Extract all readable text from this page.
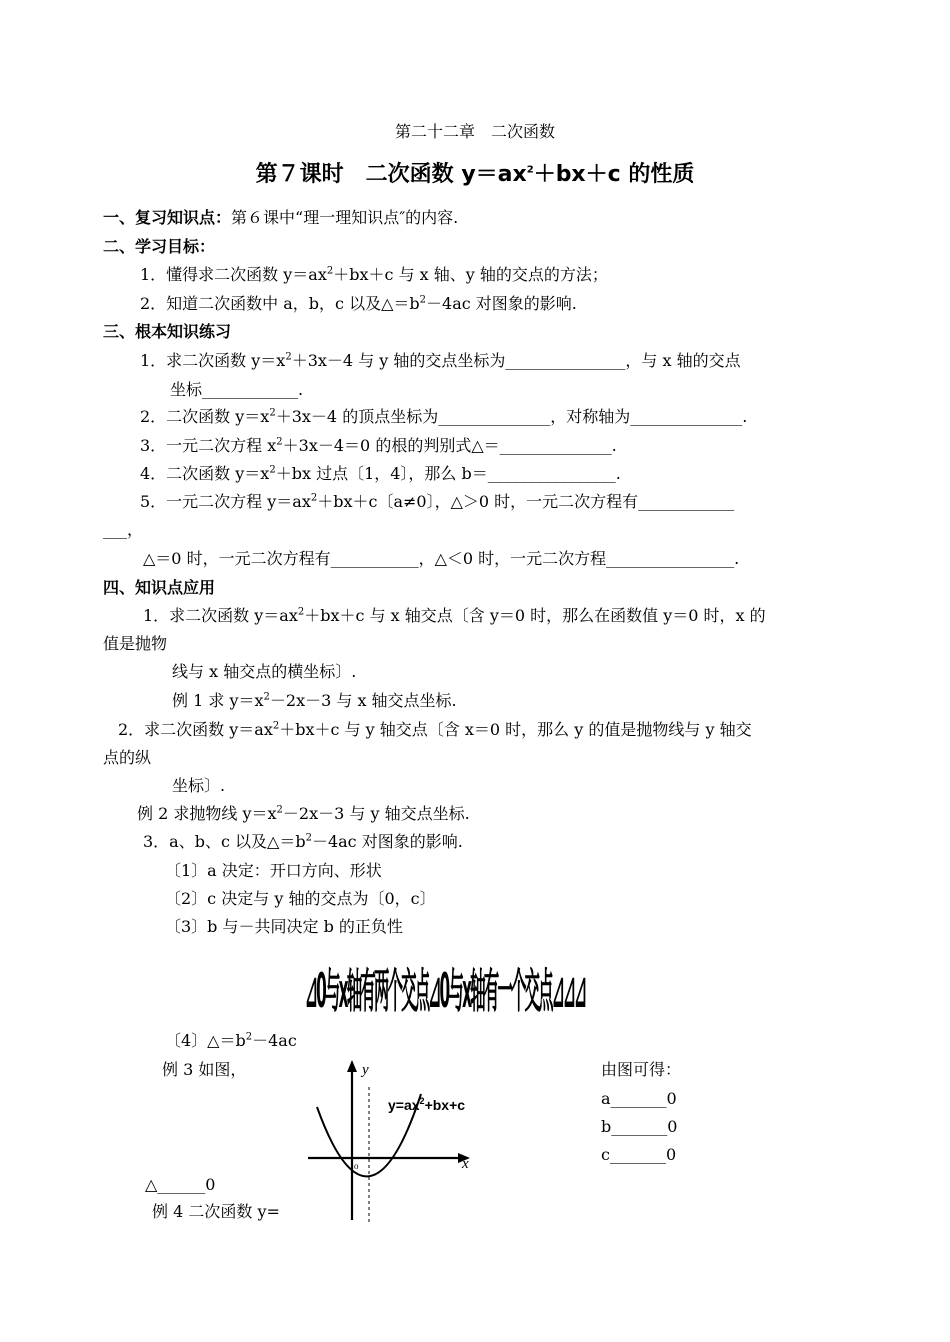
第二十二章　二次函数
第７课时　二次函数 $y=ax^2+bx+c$ 的性质
一、复习知识点：第６课中“理一理知识点″的内容.
二、学习目标：
1．懂得求二次函数 $y=ax^2+bx+c$ 与 x 轴、y 轴的交点的方法；
2．知道二次函数中 a，b，c 以及$\triangle=b^2-4ac$ 对图象的影响.
三、根本知识练习
1．求二次函数 $y=x^2+3x-4$ 与 y 轴的交点坐标为_______________，与 x 轴的交点
坐标____________.
2．二次函数 $y=x^2+3x-4$ 的顶点坐标为______________，对称轴为______________.
3．一元二次方程 $x^2+3x-4=0$ 的根的判别式△＝______________.
4．二次函数 $y=x^2+bx$ 过点〔1，4〕，那么 b＝________________.
5．一元二次方程 $y=ax^2+bx+c$〔a≠0〕，△＞0 时，一元二次方程有____________
___，
△＝0 时，一元二次方程有___________，△＜0 时，一元二次方程________________.
四、知识点应用
1．求二次函数 $y=ax^2+bx+c$ 与 x 轴交点〔含 y＝0 时，那么在函数值 y＝0 时，x 的
值是抛物
线与 x 轴交点的横坐标〕.
例 1 求 $y=x^2-2x-3$ 与 x 轴交点坐标.
2．求二次函数 $y=ax^2+bx+c$ 与 y 轴交点〔含 x＝0 时，那么 y 的值是抛物线与 y 轴交
点的纵
坐标〕.
例 2 求抛物线 $y=x^2-2x-3$ 与 y 轴交点坐标.
3．a、b、c 以及$\triangle=b^2-4ac$ 对图象的影响.
〔1〕a 决定：开口方向、形状
〔2〕c 决定与 y 轴的交点为〔0，c〕
〔3〕b 与－共同决定 b 的正负性
⊿0与x轴有两个交点⊿0与x轴有一个交点⊿⊿⊿
〔4〕$\triangle=b^2-4ac$
例 3 如图，	由图可得：
a_______0
b_______0
c_______0
△______0
例 4 二次函数 y=
y
x
o
$y=ax^2+bx+c$
